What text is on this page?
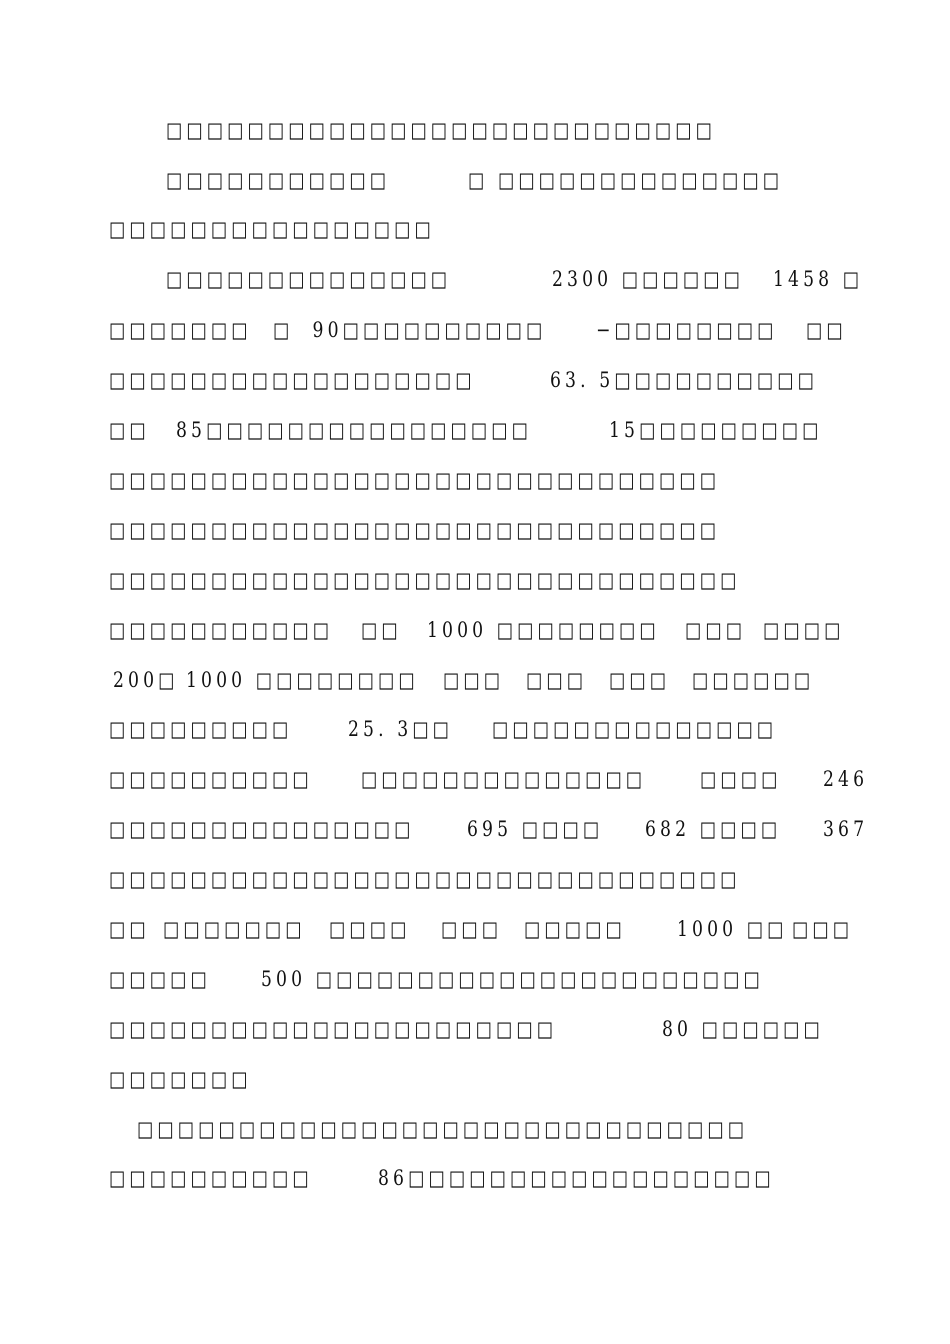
□□□□□□□□□□□□□□□□□□□□□□□□□□□
□□□□□□□□□□□	□ □□□□□□□□□□□□□□
□□□□□□□□□□□□□□□□
□□□□□□□□□□□□□□	2300 □□□□□□ 1458 □
□□□□□□□ □  90□□□□□□□□□□ −□□□□□□□□ □□
□□□□□□□□□□□□□□□□□□	63. 5□□□□□□□□□□
□□ 85□□□□□□□□□□□□□□□□	15□□□□□□□□□
□□□□□□□□□□□□□□□□□□□□□□□□□□□□□□
□□□□□□□□□□□□□□□□□□□□□□□□□□□□□□
□□□□□□□□□□□□□□□□□□□□□□□□□□□□□□□
□□□□□□□□□□□ □□ 1000 □□□□□□□□ □□□ □□□□
200□ 1000 □□□□□□□□ □□□ □□□ □□□ □□□□□□
□□□□□□□□□	25. 3□□ □□□□□□□□□□□□□□
□□□□□□□□□□ □□□□□□□□□□□□□□	□□□□ 246
□□□□□□□□□□□□□□□ 695 □□□□ 682 □□□□ 367
□□□□□□□□□□□□□□□□□□□□□□□□□□□□□□□
□□ □□□□□□□ □□□□ □□□ □□□□□ 1000 □□ □□□
□□□□□ 500 □□□□□□□□□□□□□□□□□□□□□□
□□□□□□□□□□□□□□□□□□□□□□	80 □□□□□□
□□□□□□□
□□□□□□□□□□□□□□□□□□□□□□□□□□□□□□
□□□□□□□□□□	86□□□□□□□□□□□□□□□□□□
